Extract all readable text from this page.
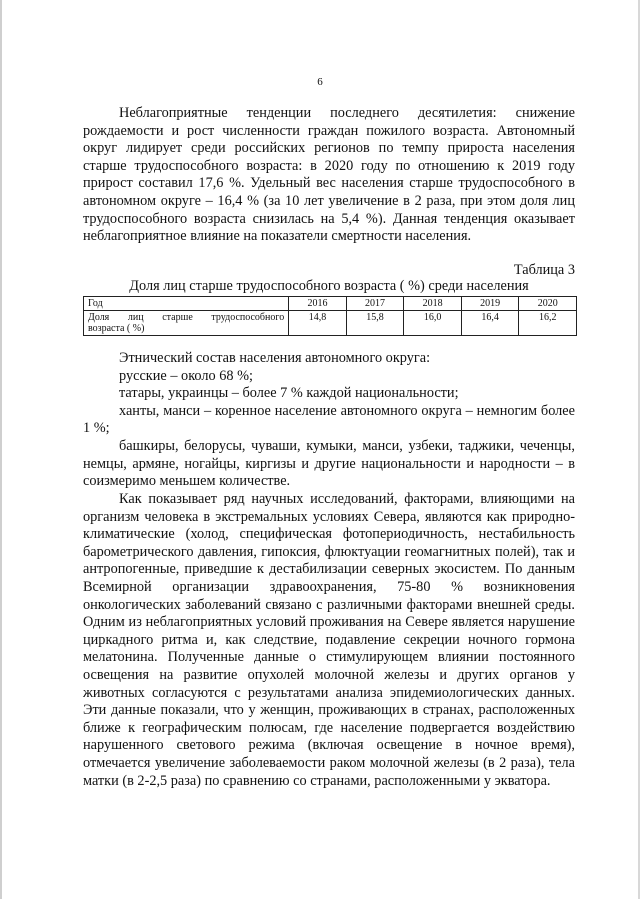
6

Неблагоприятные тенденции последнего десятилетия: снижение рождаемости и рост численности граждан пожилого возраста. Автономный округ лидирует среди российских регионов по темпу прироста населения старше трудоспособного возраста: в 2020 году по отношению к 2019 году прирост составил 17,6 %. Удельный вес населения старше трудоспособного в автономном округе – 16,4 % (за 10 лет увеличение в 2 раза, при этом доля лиц трудоспособного возраста снизилась на 5,4 %). Данная тенденция оказывает неблагоприятное влияние на показатели смертности населения.

Таблица 3
Доля лиц старше трудоспособного возраста ( %) среди населения
Год	2016	2017	2018	2019	2020

Доля лиц старше трудоспособного
возраста ( %)	14,8	15,8	16,0	16,4	16,2
Этнический состав населения автономного округа:
русские – около 68 %;
татары, украинцы – более 7 % каждой национальности;
ханты, манси – коренное население автономного округа – немногим более 1 %;
башкиры, белорусы, чуваши, кумыки, манси, узбеки, таджики, чеченцы, немцы, армяне, ногайцы, киргизы и другие национальности и народности – в соизмеримо меньшем количестве.

Как показывает ряд научных исследований, факторами, влияющими на организм человека в экстремальных условиях Севера, являются как природно-климатические (холод, специфическая фотопериодичность, нестабильность барометрического давления, гипоксия, флюктуации геомагнитных полей), так и антропогенные, приведшие к дестабилизации северных экосистем. По данным Всемирной организации здравоохранения, 75-80 % возникновения онкологических заболеваний связано с различными факторами внешней среды. Одним из неблагоприятных условий проживания на Севере является нарушение циркадного ритма и, как следствие, подавление секреции ночного гормона мелатонина. Полученные данные о стимулирующем влиянии постоянного освещения на развитие опухолей молочной железы и других органов у животных согласуются с результатами анализа эпидемиологических данных. Эти данные показали, что у женщин, проживающих в странах, расположенных ближе к географическим полюсам, где население подвергается воздействию нарушенного светового режима (включая освещение в ночное время), отмечается увеличение заболеваемости раком молочной железы (в 2 раза), тела матки (в 2-2,5 раза) по сравнению со странами, расположенными у экватора.
